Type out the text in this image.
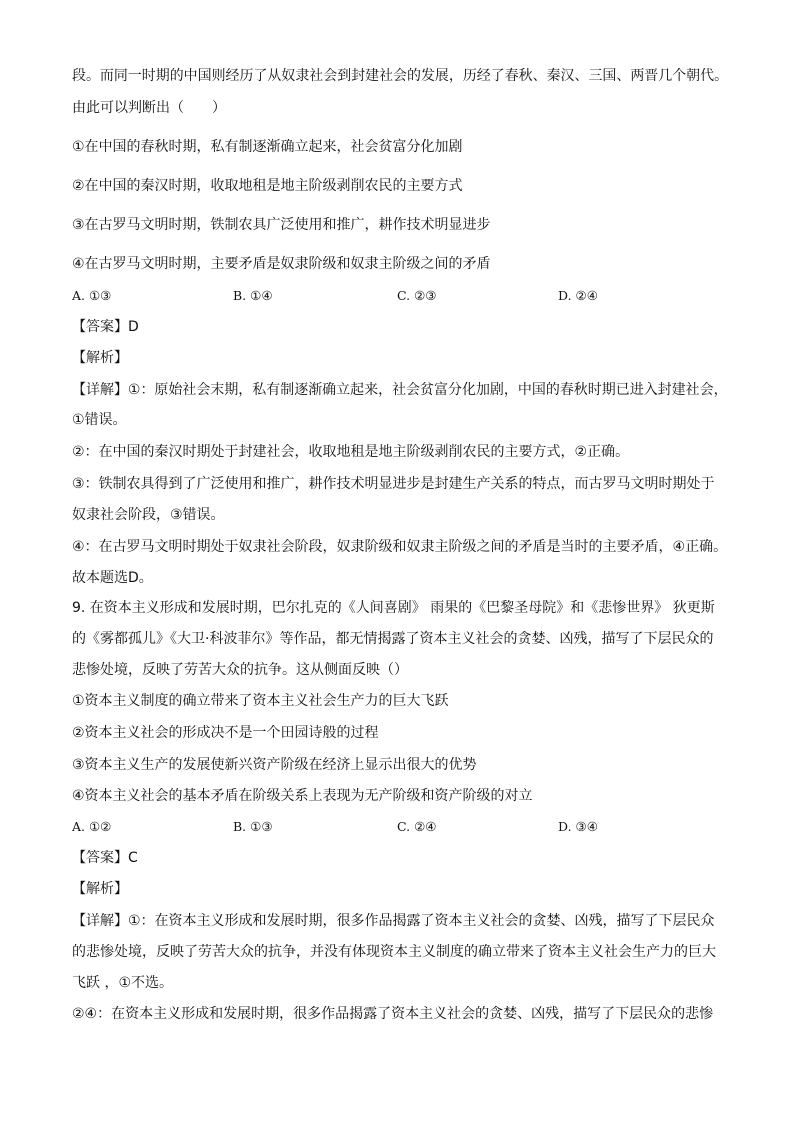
段。而同一时期的中国则经历了从奴隶社会到封建社会的发展，历经了春秋、秦汉、三国、两晋几个朝代。
由此可以判断出（　　）
①在中国的春秋时期，私有制逐渐确立起来，社会贫富分化加剧
②在中国的秦汉时期，收取地租是地主阶级剥削农民的主要方式
③在古罗马文明时期，铁制农具广泛使用和推广，耕作技术明显进步
④在古罗马文明时期，主要矛盾是奴隶阶级和奴隶主阶级之间的矛盾
A. ①③	B. ①④	C. ②③	D. ②④
【答案】D
【解析】
【详解】①：原始社会末期，私有制逐渐确立起来，社会贫富分化加剧，中国的春秋时期已进入封建社会，
①错误。
②：在中国的秦汉时期处于封建社会，收取地租是地主阶级剥削农民的主要方式，②正确。
③：铁制农具得到了广泛使用和推广，耕作技术明显进步是封建生产关系的特点，而古罗马文明时期处于
奴隶社会阶段，③错误。
④：在古罗马文明时期处于奴隶社会阶段，奴隶阶级和奴隶主阶级之间的矛盾是当时的主要矛盾，④正确。
故本题选D。
9. 在资本主义形成和发展时期，巴尔扎克的《人间喜剧》 雨果的《巴黎圣母院》和《悲惨世界》 狄更斯
的《雾都孤儿》《大卫·科波菲尔》等作品，都无情揭露了资本主义社会的贪婪、凶残，描写了下层民众的
悲惨处境，反映了劳苦大众的抗争。这从侧面反映（）
①资本主义制度的确立带来了资本主义社会生产力的巨大飞跃
②资本主义社会的形成决不是一个田园诗般的过程
③资本主义生产的发展使新兴资产阶级在经济上显示出很大的优势
④资本主义社会的基本矛盾在阶级关系上表现为无产阶级和资产阶级的对立
A. ①②	B. ①③	C. ②④	D. ③④
【答案】C
【解析】
【详解】①：在资本主义形成和发展时期，很多作品揭露了资本主义社会的贪婪、凶残，描写了下层民众
的悲惨处境，反映了劳苦大众的抗争，并没有体现资本主义制度的确立带来了资本主义社会生产力的巨大
飞跃 ，①不选。
②④：在资本主义形成和发展时期，很多作品揭露了资本主义社会的贪婪、凶残，描写了下层民众的悲惨
